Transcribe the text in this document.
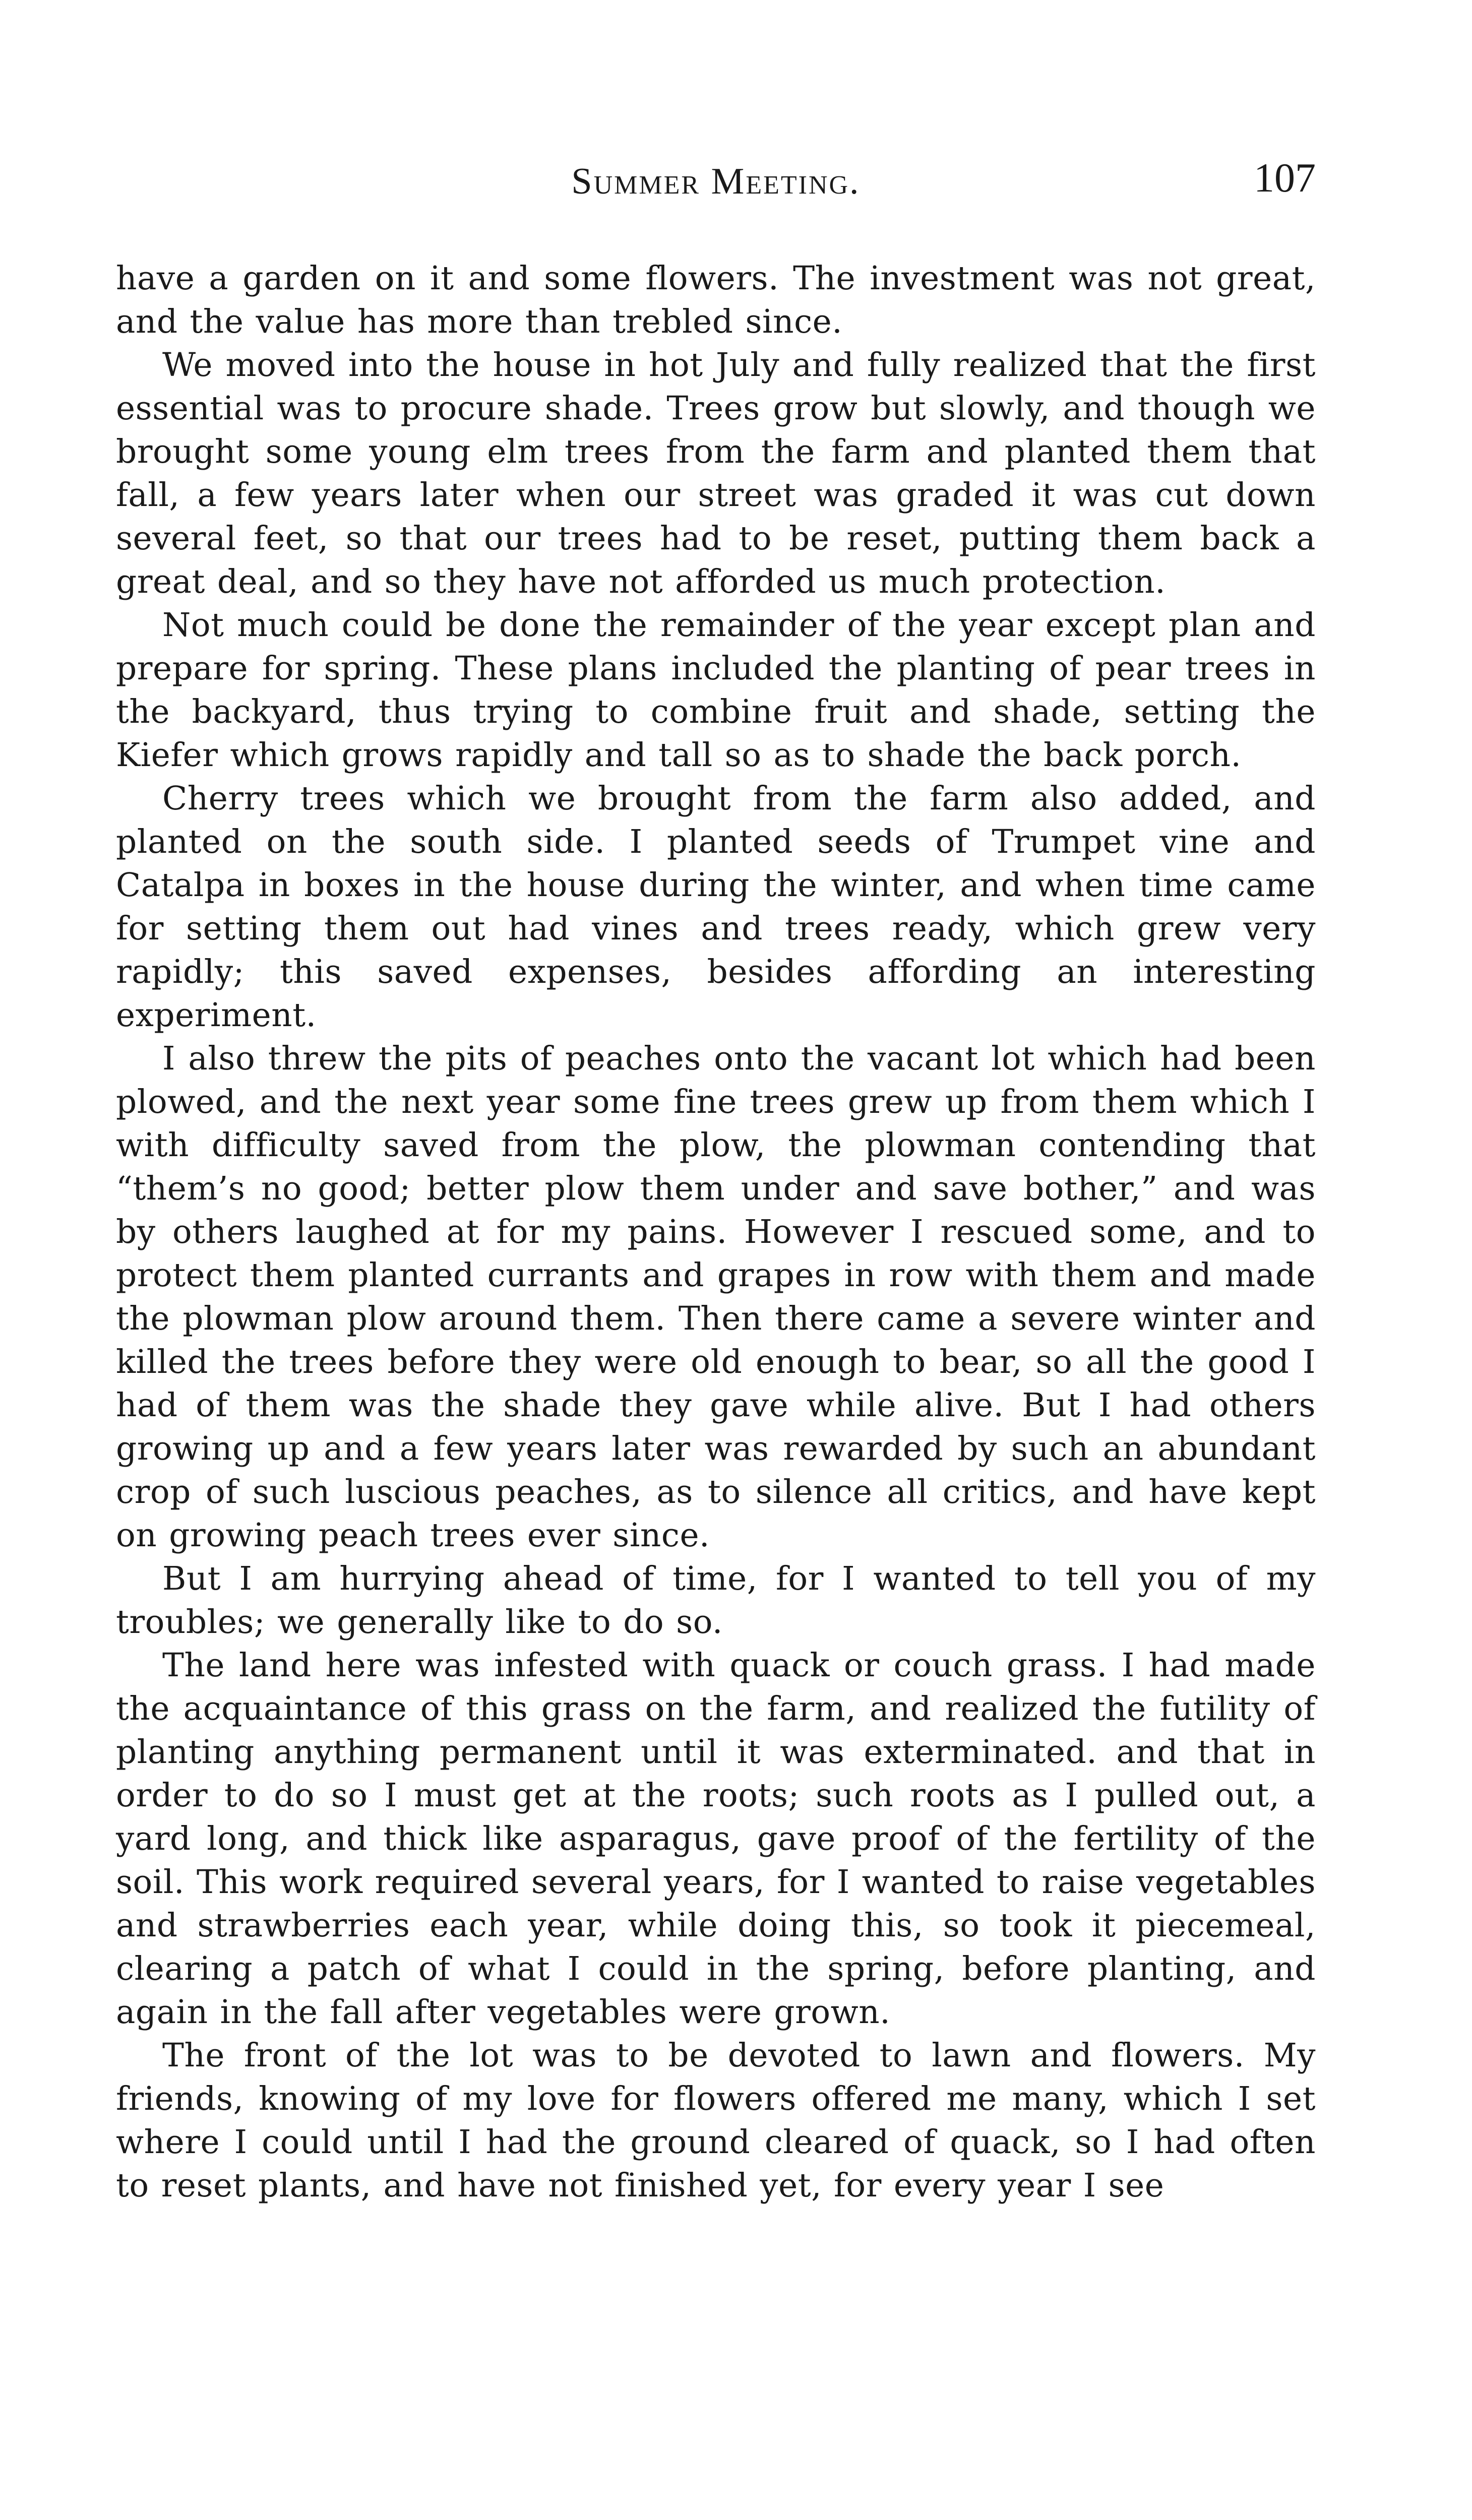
Summer Meeting.	107

have a garden on it and some flowers. The investment was not great, and the value has more than trebled since.

We moved into the house in hot July and fully realized that the first essential was to procure shade. Trees grow but slowly, and though we brought some young elm trees from the farm and planted them that fall, a few years later when our street was graded it was cut down several feet, so that our trees had to be reset, putting them back a great deal, and so they have not afforded us much protection.

Not much could be done the remainder of the year except plan and prepare for spring. These plans included the planting of pear trees in the backyard, thus trying to combine fruit and shade, setting the Kiefer which grows rapidly and tall so as to shade the back porch.

Cherry trees which we brought from the farm also added, and planted on the south side. I planted seeds of Trumpet vine and Catalpa in boxes in the house during the winter, and when time came for setting them out had vines and trees ready, which grew very rapidly; this saved expenses, besides affording an interesting experiment.

I also threw the pits of peaches onto the vacant lot which had been plowed, and the next year some fine trees grew up from them which I with difficulty saved from the plow, the plowman contending that “them’s no good; better plow them under and save bother,” and was by others laughed at for my pains. However I rescued some, and to protect them planted currants and grapes in row with them and made the plowman plow around them. Then there came a severe winter and killed the trees before they were old enough to bear, so all the good I had of them was the shade they gave while alive. But I had others growing up and a few years later was rewarded by such an abundant crop of such luscious peaches, as to silence all critics, and have kept on growing peach trees ever since.

But I am hurrying ahead of time, for I wanted to tell you of my troubles; we generally like to do so.

The land here was infested with quack or couch grass. I had made the acquaintance of this grass on the farm, and realized the futility of planting anything permanent until it was exterminated. and that in order to do so I must get at the roots; such roots as I pulled out, a yard long, and thick like asparagus, gave proof of the fertility of the soil. This work required several years, for I wanted to raise vegetables and strawberries each year, while doing this, so took it piecemeal, clearing a patch of what I could in the spring, before planting, and again in the fall after vegetables were grown.

The front of the lot was to be devoted to lawn and flowers. My friends, knowing of my love for flowers offered me many, which I set where I could until I had the ground cleared of quack, so I had often to reset plants, and have not finished yet, for every year I see
